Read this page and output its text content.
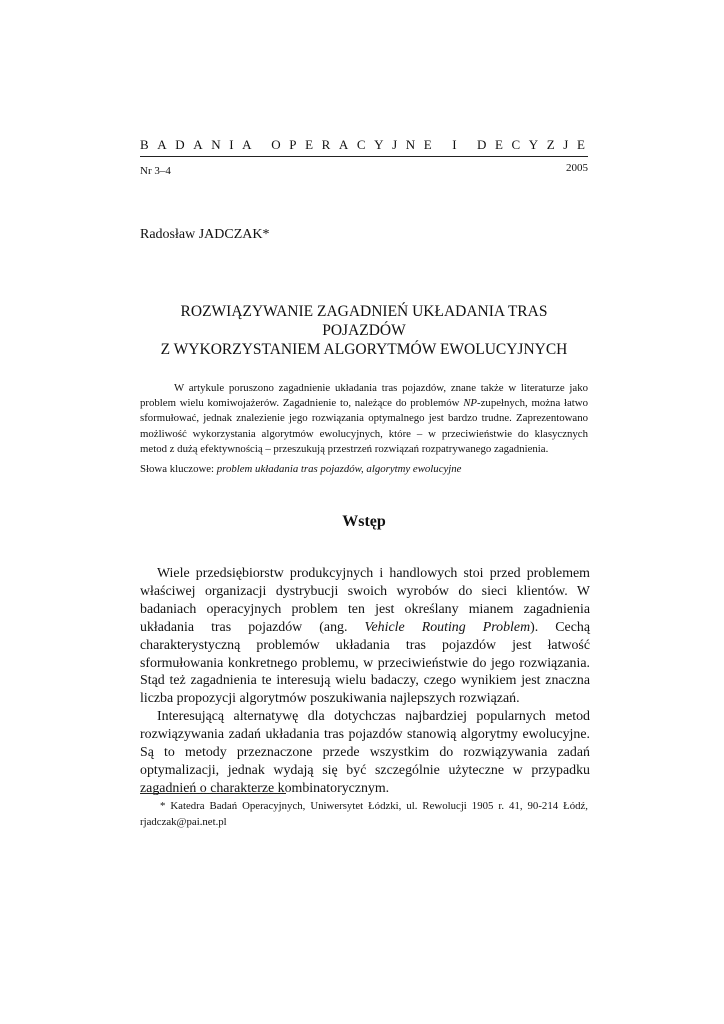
BADANIA OPERACYJNE I DECYZJE
Nr 3–4	2005
Radosław JADCZAK*
ROZWIĄZYWANIE ZAGADNIEŃ UKŁADANIA TRAS POJAZDÓW
Z WYKORZYSTANIEM ALGORYTMÓW EWOLUCYJNYCH

W artykule poruszono zagadnienie układania tras pojazdów, znane także w literaturze jako problem wielu komiwojażerów. Zagadnienie to, należące do problemów NP-zupełnych, można łatwo sformułować, jednak znalezienie jego rozwiązania optymalnego jest bardzo trudne. Zaprezentowano możliwość wykorzystania algorytmów ewolucyjnych, które – w przeciwieństwie do klasycznych metod z dużą efektywnością – przeszukują przestrzeń rozwiązań rozpatrywanego zagadnienia.

Słowa kluczowe: problem układania tras pojazdów, algorytmy ewolucyjne
Wstęp

Wiele przedsiębiorstw produkcyjnych i handlowych stoi przed problemem właściwej organizacji dystrybucji swoich wyrobów do sieci klientów. W badaniach operacyjnych problem ten jest określany mianem zagadnienia układania tras pojazdów (ang. Vehicle Routing Problem). Cechą charakterystyczną problemów układania tras pojazdów jest łatwość sformułowania konkretnego problemu, w przeciwieństwie do jego rozwiązania. Stąd też zagadnienia te interesują wielu badaczy, czego wynikiem jest znaczna liczba propozycji algorytmów poszukiwania najlepszych rozwiązań.

Interesującą alternatywę dla dotychczas najbardziej popularnych metod rozwiązywania zadań układania tras pojazdów stanowią algorytmy ewolucyjne. Są to metody przeznaczone przede wszystkim do rozwiązywania zadań optymalizacji, jednak wydają się być szczególnie użyteczne w przypadku zagadnień o charakterze kombinatorycznym.

* Katedra Badań Operacyjnych, Uniwersytet Łódzki, ul. Rewolucji 1905 r. 41, 90-214 Łódź, rjadczak@pai.net.pl
